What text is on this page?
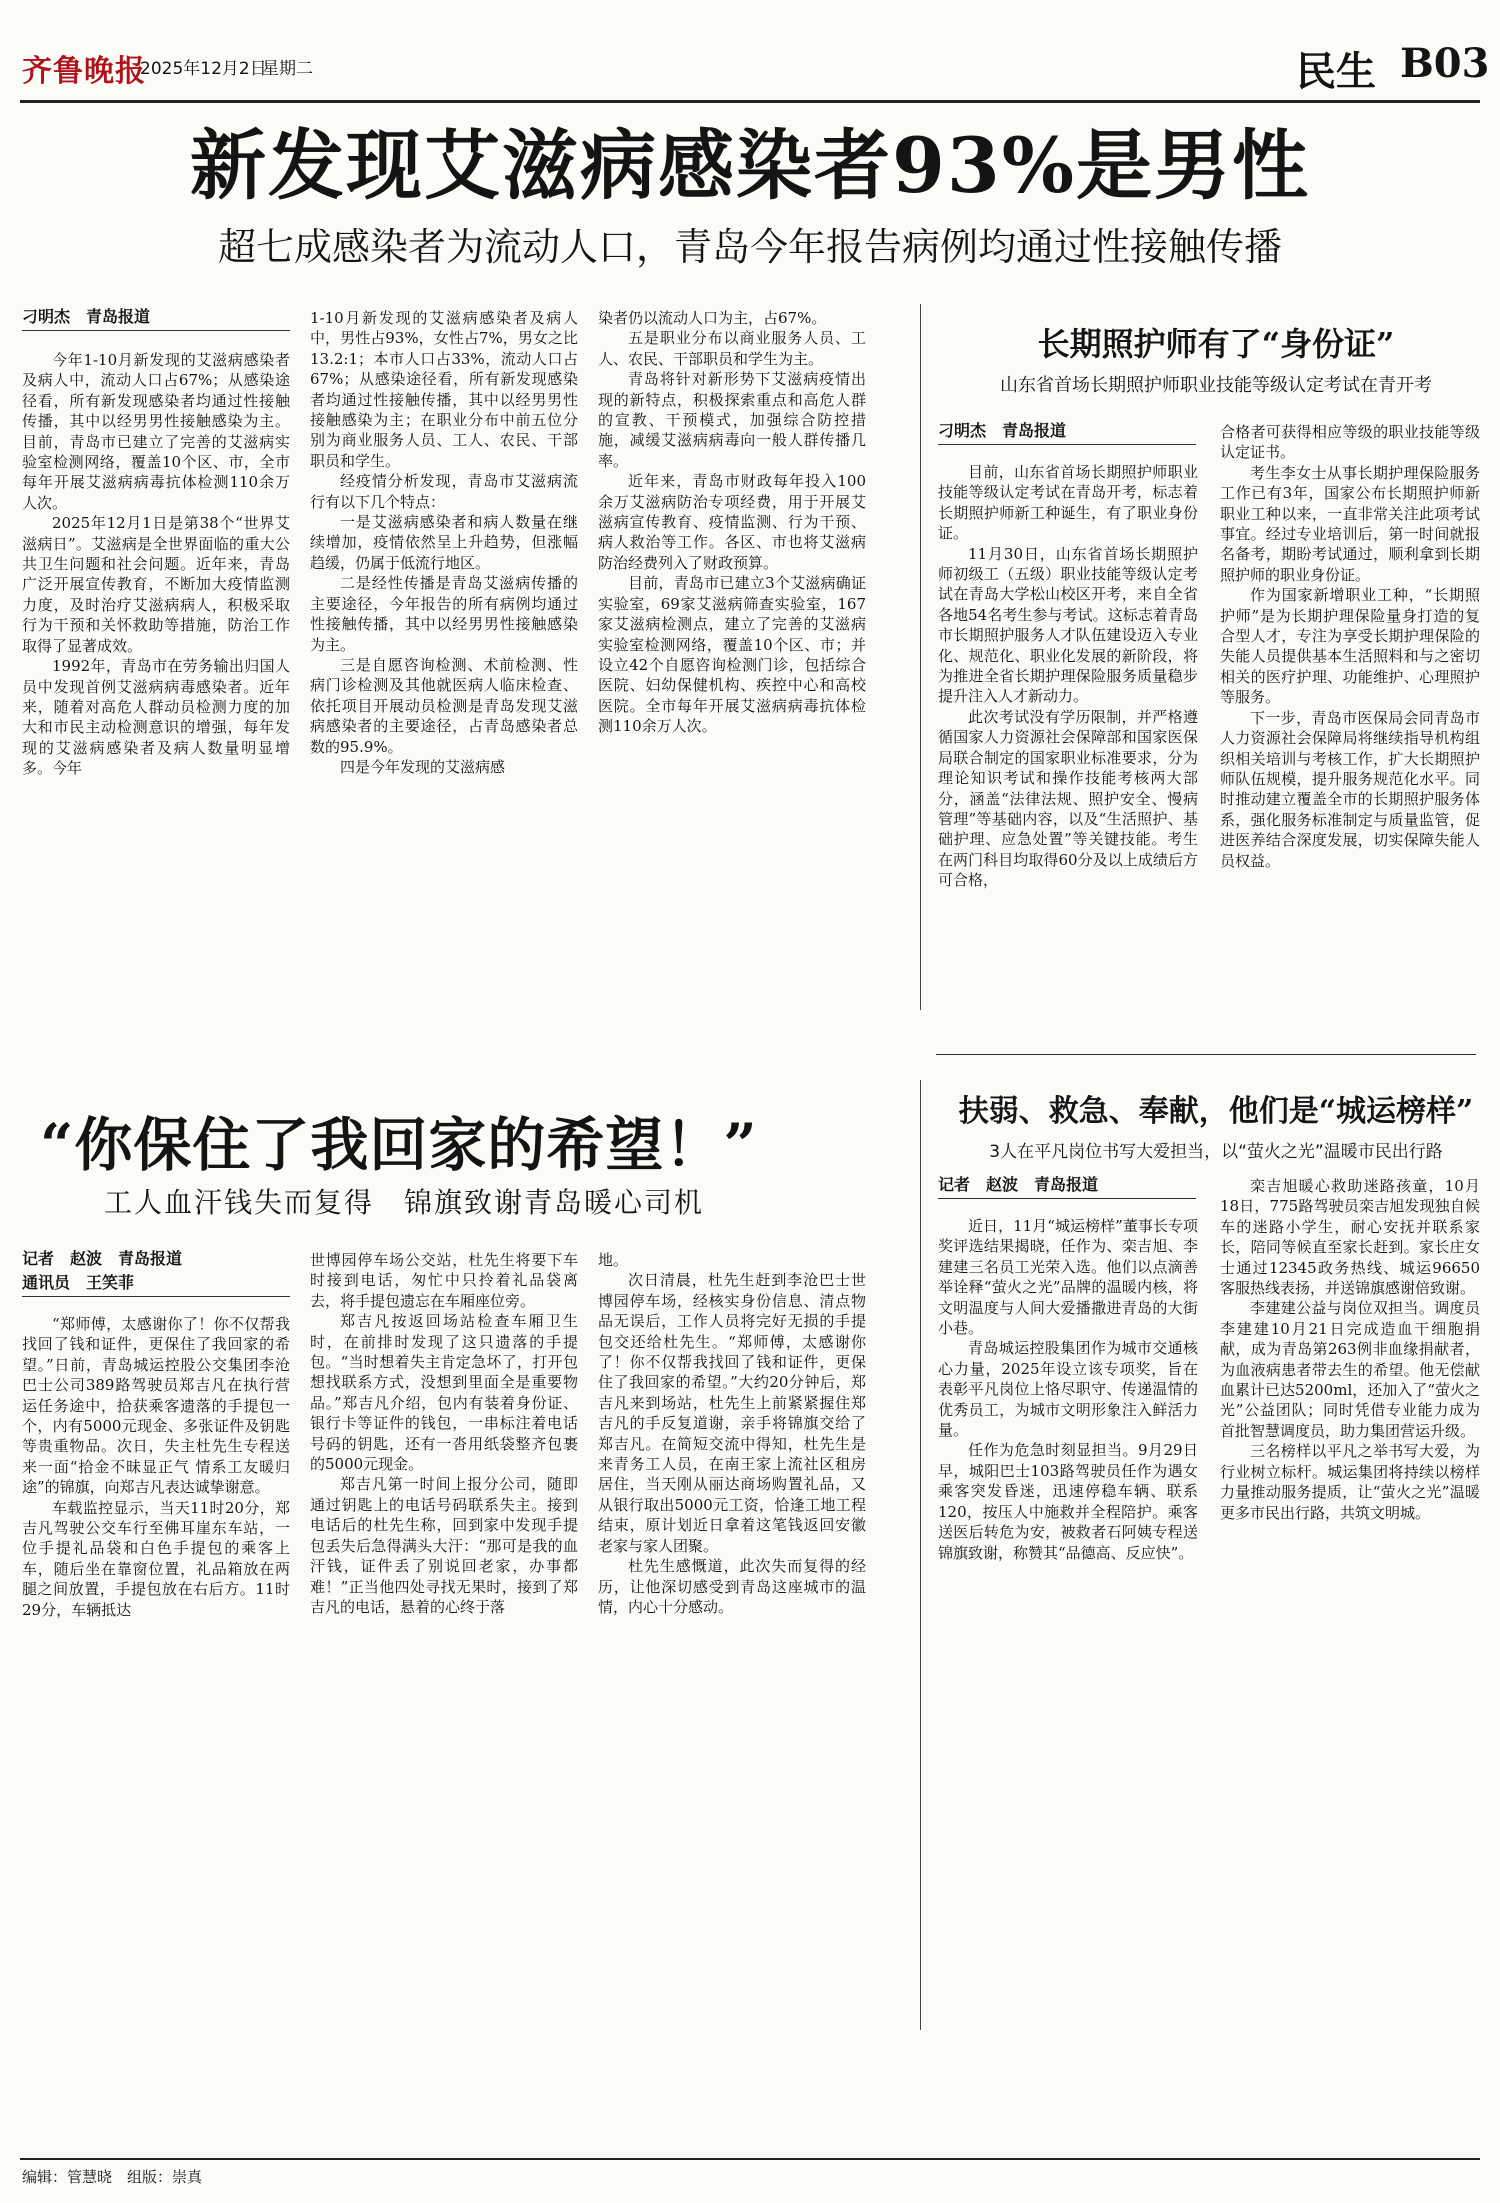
齐鲁晚报
2025年12月2日
星期二	民生 B03
新发现艾滋病感染者93%是男性
超七成感染者为流动人口，青岛今年报告病例均通过性接触传播
刁明杰　青岛报道

今年1-10月新发现的艾滋病感染者及病人中，流动人口占67%；从感染途径看，所有新发现感染者均通过性接触传播，其中以经男男性接触感染为主。目前，青岛市已建立了完善的艾滋病实验室检测网络，覆盖10个区、市，全市每年开展艾滋病病毒抗体检测110余万人次。

2025年12月1日是第38个“世界艾滋病日”。艾滋病是全世界面临的重大公共卫生问题和社会问题。近年来，青岛广泛开展宣传教育，不断加大疫情监测力度，及时治疗艾滋病病人，积极采取行为干预和关怀救助等措施，防治工作取得了显著成效。

1992年，青岛市在劳务输出归国人员中发现首例艾滋病病毒感染者。近年来，随着对高危人群动员检测力度的加大和市民主动检测意识的增强，每年发现的艾滋病感染者及病人数量明显增多。今年

1-10月新发现的艾滋病感染者及病人中，男性占93%，女性占7%，男女之比13.2:1；本市人口占33%，流动人口占67%；从感染途径看，所有新发现感染者均通过性接触传播，其中以经男男性接触感染为主；在职业分布中前五位分别为商业服务人员、工人、农民、干部职员和学生。

经疫情分析发现，青岛市艾滋病流行有以下几个特点：

一是艾滋病感染者和病人数量在继续增加，疫情依然呈上升趋势，但涨幅趋缓，仍属于低流行地区。

二是经性传播是青岛艾滋病传播的主要途径，今年报告的所有病例均通过性接触传播，其中以经男男性接触感染为主。

三是自愿咨询检测、术前检测、性病门诊检测及其他就医病人临床检查、依托项目开展动员检测是青岛发现艾滋病感染者的主要途径，占青岛感染者总数的95.9%。

四是今年发现的艾滋病感

染者仍以流动人口为主，占67%。

五是职业分布以商业服务人员、工人、农民、干部职员和学生为主。

青岛将针对新形势下艾滋病疫情出现的新特点，积极探索重点和高危人群的宣教、干预模式，加强综合防控措施，减缓艾滋病病毒向一般人群传播几率。

近年来，青岛市财政每年投入100余万艾滋病防治专项经费，用于开展艾滋病宣传教育、疫情监测、行为干预、病人救治等工作。各区、市也将艾滋病防治经费列入了财政预算。

目前，青岛市已建立3个艾滋病确证实验室，69家艾滋病筛查实验室，167家艾滋病检测点，建立了完善的艾滋病实验室检测网络，覆盖10个区、市；并设立42个自愿咨询检测门诊，包括综合医院、妇幼保健机构、疾控中心和高校医院。全市每年开展艾滋病病毒抗体检测110余万人次。

长期照护师有了“身份证”
山东省首场长期照护师职业技能等级认定考试在青开考
刁明杰　青岛报道

目前，山东省首场长期照护师职业技能等级认定考试在青岛开考，标志着长期照护师新工种诞生，有了职业身份证。

11月30日，山东省首场长期照护师初级工（五级）职业技能等级认定考试在青岛大学松山校区开考，来自全省各地54名考生参与考试。这标志着青岛市长期照护服务人才队伍建设迈入专业化、规范化、职业化发展的新阶段，将为推进全省长期护理保险服务质量稳步提升注入人才新动力。

此次考试没有学历限制，并严格遵循国家人力资源社会保障部和国家医保局联合制定的国家职业标准要求，分为理论知识考试和操作技能考核两大部分，涵盖“法律法规、照护安全、慢病管理”等基础内容，以及“生活照护、基础护理、应急处置”等关键技能。考生在两门科目均取得60分及以上成绩后方可合格，

合格者可获得相应等级的职业技能等级认定证书。

考生李女士从事长期护理保险服务工作已有3年，国家公布长期照护师新职业工种以来，一直非常关注此项考试事宜。经过专业培训后，第一时间就报名备考，期盼考试通过，顺利拿到长期照护师的职业身份证。

作为国家新增职业工种，“长期照护师”是为长期护理保险量身打造的复合型人才，专注为享受长期护理保险的失能人员提供基本生活照料和与之密切相关的医疗护理、功能维护、心理照护等服务。

下一步，青岛市医保局会同青岛市人力资源社会保障局将继续指导机构组织相关培训与考核工作，扩大长期照护师队伍规模，提升服务规范化水平。同时推动建立覆盖全市的长期照护服务体系，强化服务标准制定与质量监管，促进医养结合深度发展，切实保障失能人员权益。

“你保住了我回家的希望！”
工人血汗钱失而复得　锦旗致谢青岛暖心司机
记者　赵波　青岛报道
通讯员　王笑菲

“郑师傅，太感谢你了！你不仅帮我找回了钱和证件，更保住了我回家的希望。”日前，青岛城运控股公交集团李沧巴士公司389路驾驶员郑吉凡在执行营运任务途中，拾获乘客遗落的手提包一个，内有5000元现金、多张证件及钥匙等贵重物品。次日，失主杜先生专程送来一面“拾金不昧显正气 情系工友暖归途”的锦旗，向郑吉凡表达诚挚谢意。

车载监控显示，当天11时20分，郑吉凡驾驶公交车行至佛耳崖东车站，一位手提礼品袋和白色手提包的乘客上车，随后坐在靠窗位置，礼品箱放在两腿之间放置，手提包放在右后方。11时29分，车辆抵达

世博园停车场公交站，杜先生将要下车时接到电话，匆忙中只拎着礼品袋离去，将手提包遗忘在车厢座位旁。

郑吉凡按返回场站检查车厢卫生时，在前排时发现了这只遗落的手提包。“当时想着失主肯定急坏了，打开包想找联系方式，没想到里面全是重要物品。”郑吉凡介绍，包内有装着身份证、银行卡等证件的钱包，一串标注着电话号码的钥匙，还有一沓用纸袋整齐包裹的5000元现金。

郑吉凡第一时间上报分公司，随即通过钥匙上的电话号码联系失主。接到电话后的杜先生称，回到家中发现手提包丢失后急得满头大汗：“那可是我的血汗钱，证件丢了别说回老家，办事都难！”正当他四处寻找无果时，接到了郑吉凡的电话，悬着的心终于落

地。

次日清晨，杜先生赶到李沧巴士世博园停车场，经核实身份信息、清点物品无误后，工作人员将完好无损的手提包交还给杜先生。“郑师傅，太感谢你了！你不仅帮我找回了钱和证件，更保住了我回家的希望。”大约20分钟后，郑吉凡来到场站，杜先生上前紧紧握住郑吉凡的手反复道谢，亲手将锦旗交给了郑吉凡。在简短交流中得知，杜先生是来青务工人员，在南王家上流社区租房居住，当天刚从丽达商场购置礼品，又从银行取出5000元工资，恰逢工地工程结束，原计划近日拿着这笔钱返回安徽老家与家人团聚。

杜先生感慨道，此次失而复得的经历，让他深切感受到青岛这座城市的温情，内心十分感动。

扶弱、救急、奉献，他们是“城运榜样”
3人在平凡岗位书写大爱担当，以“萤火之光”温暖市民出行路
记者　赵波　青岛报道

近日，11月“城运榜样”董事长专项奖评选结果揭晓，任作为、栾吉旭、李建建三名员工光荣入选。他们以点滴善举诠释“萤火之光”品牌的温暖内核，将文明温度与人间大爱播撒进青岛的大街小巷。

青岛城运控股集团作为城市交通核心力量，2025年设立该专项奖，旨在表彰平凡岗位上恪尽职守、传递温情的优秀员工，为城市文明形象注入鲜活力量。

任作为危急时刻显担当。9月29日早，城阳巴士103路驾驶员任作为遇女乘客突发昏迷，迅速停稳车辆、联系120，按压人中施救并全程陪护。乘客送医后转危为安，被救者石阿姨专程送锦旗致谢，称赞其“品德高、反应快”。

栾吉旭暖心救助迷路孩童，10月18日，775路驾驶员栾吉旭发现独自候车的迷路小学生，耐心安抚并联系家长，陪同等候直至家长赶到。家长庄女士通过12345政务热线、城运96650客服热线表扬，并送锦旗感谢倍致谢。

李建建公益与岗位双担当。调度员李建建10月21日完成造血干细胞捐献，成为青岛第263例非血缘捐献者，为血液病患者带去生的希望。他无偿献血累计已达5200ml，还加入了“萤火之光”公益团队；同时凭借专业能力成为首批智慧调度员，助力集团营运升级。

三名榜样以平凡之举书写大爱，为行业树立标杆。城运集团将持续以榜样力量推动服务提质，让“萤火之光”温暖更多市民出行路，共筑文明城。

编辑：管慧晓　组版：崇真
